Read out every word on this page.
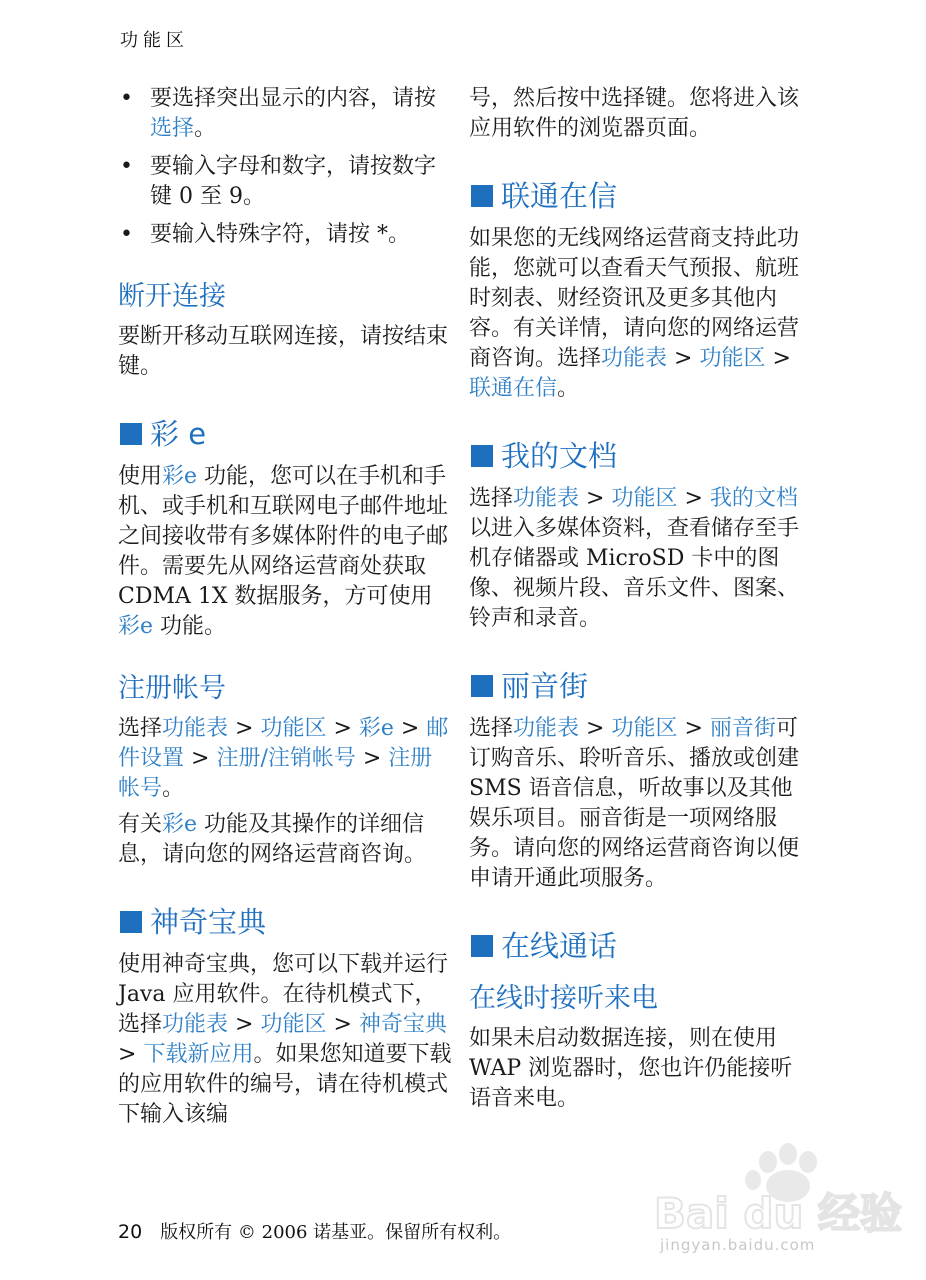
功能区
• 要选择突出显示的内容，请按选择。
• 要输入字母和数字，请按数字键 0 至 9。
• 要输入特殊字符，请按 *。
断开连接

要断开移动互联网连接，请按结束键。

彩 e

使用彩e 功能，您可以在手机和手机、或手机和互联网电子邮件地址之间接收带有多媒体附件的电子邮件。需要先从网络运营商处获取 CDMA 1X 数据服务，方可使用彩e 功能。

注册帐号

选择功能表 > 功能区 > 彩e > 邮件设置 > 注册/注销帐号 > 注册帐号。

有关彩e 功能及其操作的详细信息，请向您的网络运营商咨询。

神奇宝典

使用神奇宝典，您可以下载并运行 Java 应用软件。在待机模式下，选择功能表 > 功能区 > 神奇宝典 > 下载新应用。如果您知道要下载的应用软件的编号，请在待机模式下输入该编

号，然后按中选择键。您将进入该应用软件的浏览器页面。

联通在信

如果您的无线网络运营商支持此功能，您就可以查看天气预报、航班时刻表、财经资讯及更多其他内容。有关详情，请向您的网络运营商咨询。选择功能表 > 功能区 > 联通在信。

我的文档

选择功能表 > 功能区 > 我的文档以进入多媒体资料，查看储存至手机存储器或 MicroSD 卡中的图像、视频片段、音乐文件、图案、铃声和录音。

丽音街

选择功能表 > 功能区 > 丽音街可订购音乐、聆听音乐、播放或创建 SMS 语音信息，听故事以及其他娱乐项目。丽音街是一项网络服务。请向您的网络运营商咨询以便申请开通此项服务。

在线通话
在线时接听来电

如果未启动数据连接，则在使用 WAP 浏览器时，您也许仍能接听语音来电。

Bai du 经验
jingyan.baidu.com
20 版权所有 © 2006 诺基亚。保留所有权利。
